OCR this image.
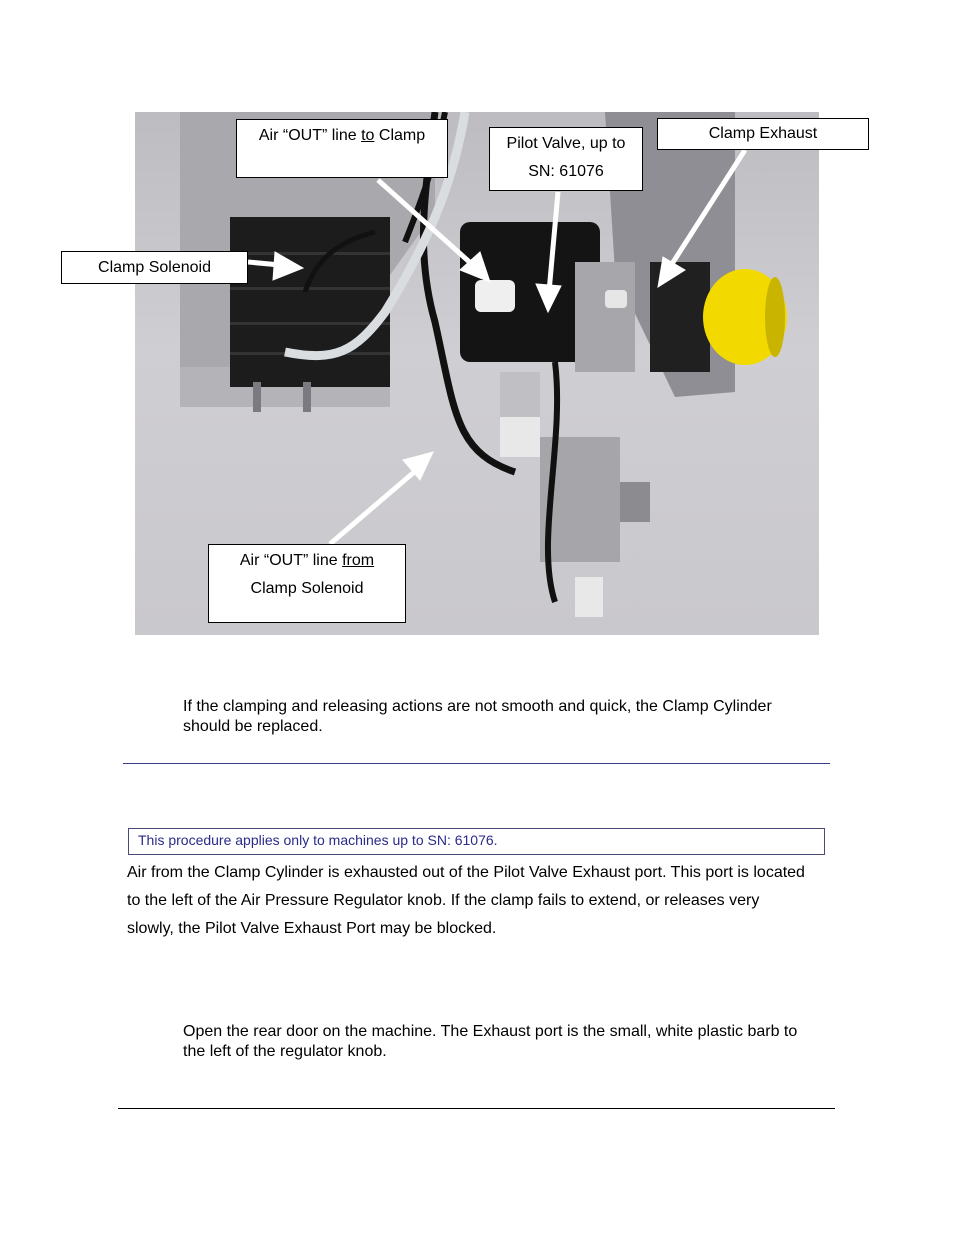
Air “OUT” line to Clamp	Pilot Valve, up to
SN: 61076
Clamp Exhaust
Clamp Solenoid
Air “OUT” line from
Clamp Solenoid
If the clamping and releasing actions are not smooth and quick, the Clamp Cylinder should be replaced.
This procedure applies only to machines up to SN: 61076.
Air from the Clamp Cylinder is exhausted out of the Pilot Valve Exhaust port. This port is located
to the left of the Air Pressure Regulator knob. If the clamp fails to extend, or releases very
slowly, the Pilot Valve Exhaust Port may be blocked.
Open the rear door on the machine. The Exhaust port is the small, white plastic barb to the left of the regulator knob.
